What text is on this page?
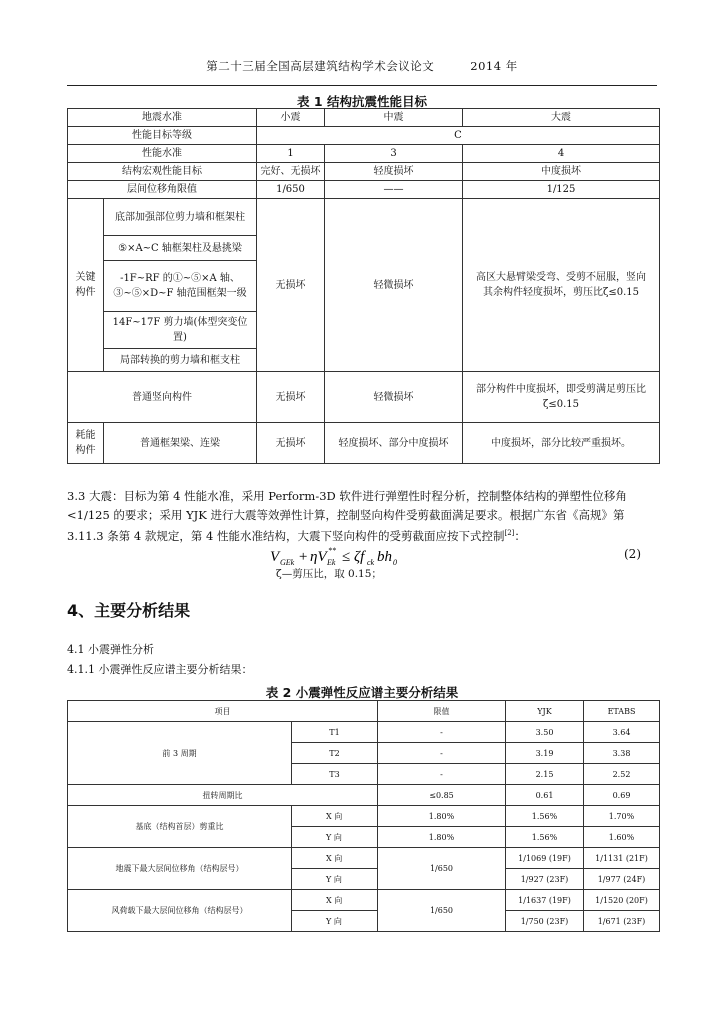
第二十三届全国高层建筑结构学术会议论文　　　2014 年
表 1 结构抗震性能目标
地震水准		小震	中震	大震
性能目标等级		C		
性能水准		1	3	4
结构宏观性能目标		完好、无损坏	轻度损坏	中度损坏
层间位移角限值		1/650	——	1/125
关键构件	底部加强部位剪力墙和框架柱	无损坏	轻微损坏	高区大悬臂梁受弯、受剪不屈服，竖向其余构件轻度损坏，剪压比ζ≤0.15
	⑤×A~C 轴框架柱及悬挑梁			
	-1F~RF 的①~⑤×A 轴、③~⑤×D~F 轴范围框架一级			
	14F~17F 剪力墙(体型突变位置)			
	局部转换的剪力墙和框支柱			
普通竖向构件		无损坏	轻微损坏	部分构件中度损坏，即受剪满足剪压比ζ≤0.15
耗能构件	普通框架梁、连梁	无损坏	轻度损坏、部分中度损坏	中度损坏，部分比较严重损坏。
3.3 大震：目标为第 4 性能水准，采用 Perform-3D 软件进行弹塑性时程分析，控制整体结构的弹塑性位移角<1/125 的要求；采用 YJK 进行大震等效弹性计算，控制竖向构件受剪截面满足要求。根据广东省《高规》第 3.11.3 条第 4 款规定，第 4 性能水准结构，大震下竖向构件的受剪截面应按下式控制[2]：
V GEk + ηV **
Ek ≤ ζf ck bh 0
(2)
ζ—剪压比，取 0.15；
4、主要分析结果
4.1 小震弹性分析
4.1.1 小震弹性反应谱主要分析结果：
表 2 小震弹性反应谱主要分析结果
项目		限值	YJK	ETABS
前 3 周期	T1	-	3.50	3.64
	T2	-	3.19	3.38
	T3	-	2.15	2.52
扭转周期比		≤0.85	0.61	0.69
基底（结构首层）剪重比	X 向	1.80%	1.56%	1.70%
	Y 向	1.80%	1.56%	1.60%
地震下最大层间位移角（结构层号）	X 向	1/650	1/1069 (19F)	1/1131 (21F)
	Y 向		1/927 (23F)	1/977 (24F)
风荷载下最大层间位移角（结构层号）	X 向	1/650	1/1637 (19F)	1/1520 (20F)
	Y 向		1/750 (23F)	1/671 (23F)
